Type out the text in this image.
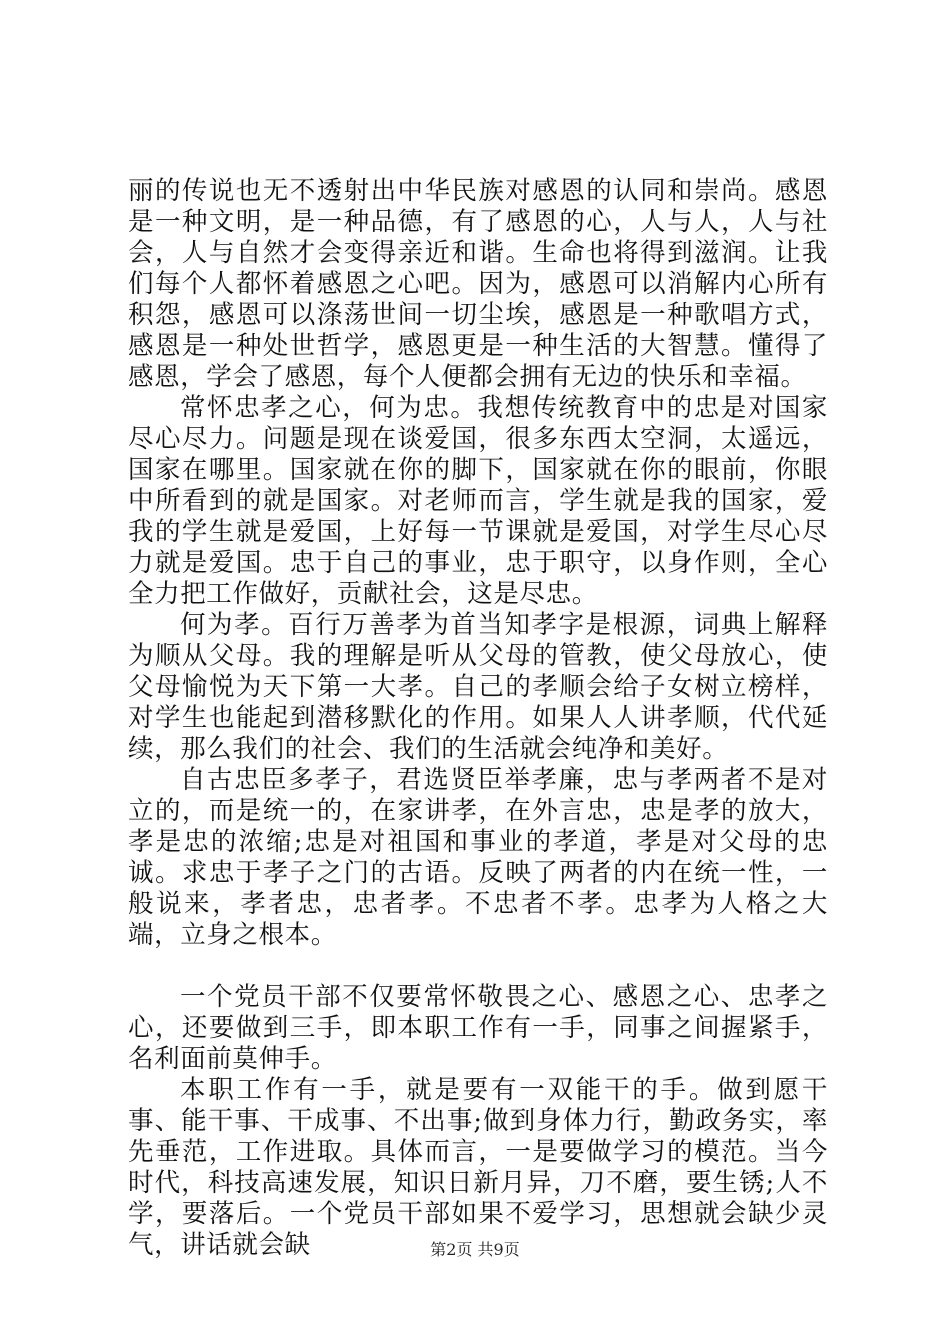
丽的传说也无不透射出中华民族对感恩的认同和崇尚。感恩是一种文明，是一种品德，有了感恩的心，人与人，人与社会，人与自然才会变得亲近和谐。生命也将得到滋润。让我们每个人都怀着感恩之心吧。因为，感恩可以消解内心所有积怨，感恩可以涤荡世间一切尘埃，感恩是一种歌唱方式，感恩是一种处世哲学，感恩更是一种生活的大智慧。懂得了感恩，学会了感恩，每个人便都会拥有无边的快乐和幸福。

常怀忠孝之心，何为忠。我想传统教育中的忠是对国家尽心尽力。问题是现在谈爱国，很多东西太空洞，太遥远，国家在哪里。国家就在你的脚下，国家就在你的眼前，你眼中所看到的就是国家。对老师而言，学生就是我的国家，爱我的学生就是爱国，上好每一节课就是爱国，对学生尽心尽力就是爱国。忠于自己的事业，忠于职守，以身作则，全心全力把工作做好，贡献社会，这是尽忠。

何为孝。百行万善孝为首当知孝字是根源，词典上解释为顺从父母。我的理解是听从父母的管教，使父母放心，使父母愉悦为天下第一大孝。自己的孝顺会给子女树立榜样，对学生也能起到潜移默化的作用。如果人人讲孝顺，代代延续，那么我们的社会、我们的生活就会纯净和美好。

自古忠臣多孝子，君选贤臣举孝廉，忠与孝两者不是对立的，而是统一的，在家讲孝，在外言忠，忠是孝的放大，孝是忠的浓缩;忠是对祖国和事业的孝道，孝是对父母的忠诚。求忠于孝子之门的古语。反映了两者的内在统一性，一般说来，孝者忠，忠者孝。不忠者不孝。忠孝为人格之大端，立身之根本。

一个党员干部不仅要常怀敬畏之心、感恩之心、忠孝之心，还要做到三手，即本职工作有一手，同事之间握紧手，名利面前莫伸手。

本职工作有一手，就是要有一双能干的手。做到愿干事、能干事、干成事、不出事;做到身体力行，勤政务实，率先垂范，工作进取。具体而言，一是要做学习的模范。当今时代，科技高速发展，知识日新月异，刀不磨，要生锈;人不学，要落后。一个党员干部如果不爱学习，思想就会缺少灵气，讲话就会缺	第2页 共9页
